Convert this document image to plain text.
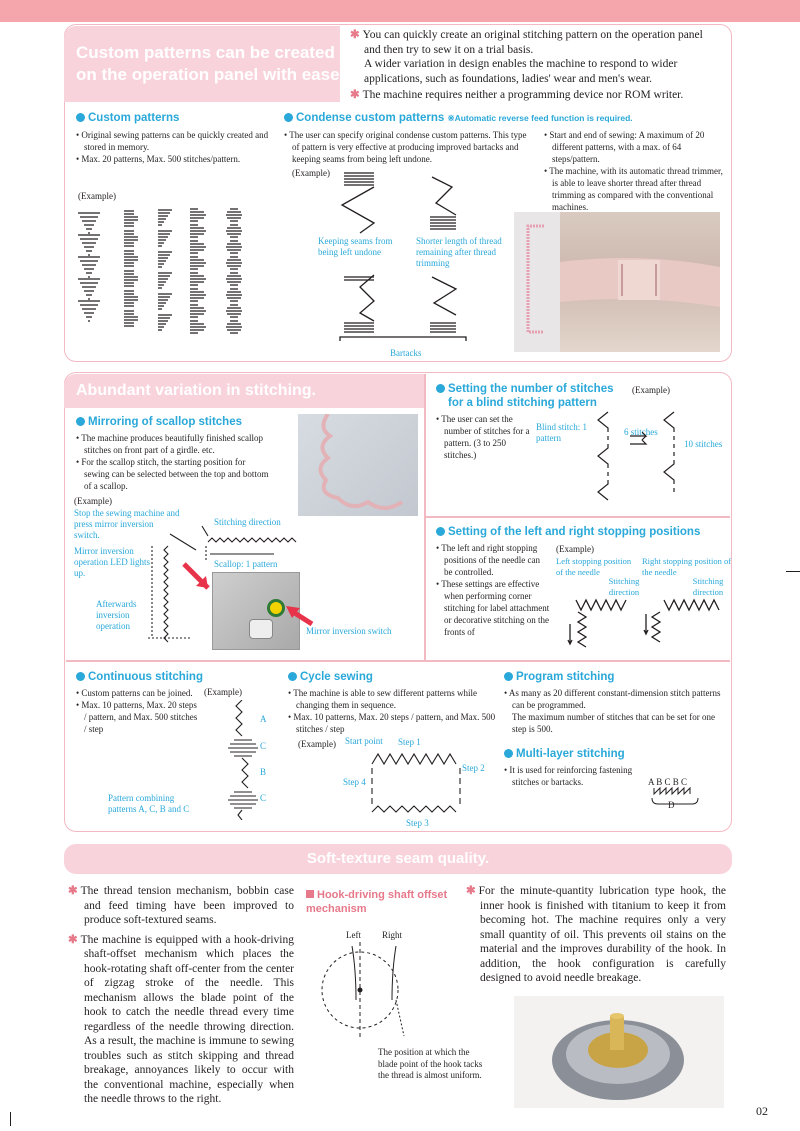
Custom patterns can be created
on the operation panel with ease.

✱ You can quickly create an original stitching pattern on the operation panel and then try to sew it on a trial basis.

A wider variation in design enables the machine to respond to wider applications, such as foundations, ladies' wear and men's wear.

✱ The machine requires neither a programming device nor ROM writer.

Custom patterns

• Original sewing patterns can be quickly created and stored in memory.

• Max. 20 patterns, Max. 500 stitches/pattern.

(Example)
Condense custom patterns ※Automatic reverse feed function is required.

• The user can specify original condense custom patterns. This type of pattern is very effective at producing improved bartacks and keeping seams from being left undone.

• Start and end of sewing: A maximum of 20 different patterns, with a max. of 64 steps/pattern.

• The machine, with its automatic thread trimmer, is able to leave shorter thread after thread trimming as compared with the conventional machines.

(Example)
Keeping seams from being left undone
Shorter length of thread remaining after thread trimming
Bartacks
Abundant variation in stitching.
Mirroring of scallop stitches

• The machine produces beautifully finished scallop stitches on front part of a girdle. etc.

• For the scallop stitch, the starting position for sewing can be selected between the top and bottom of a scallop.

(Example)
Stop the sewing machine and press mirror inversion switch.
Stitching direction
Mirror inversion operation LED lights up.
Scallop: 1 pattern
Afterwards inversion operation	Mirror inversion switch
Setting the number of stitches
for a blind stitching pattern
(Example)

• The user can set the number of stitches for a pattern. (3 to 250 stitches.)

Blind stitch: 1 pattern
6 stitches
10 stitches
Setting of the left and right stopping positions

• The left and right stopping positions of the needle can be controlled.

• These settings are effective when performing corner stitching for label attachment or decorative stitching on the fronts of

(Example)
Left stopping position of the needle
Right stopping position of the needle
Stitching direction
Stitching direction
Continuous stitching

• Custom patterns can be joined.

• Max. 10 patterns, Max. 20 steps / pattern, and Max. 500 stitches / step

(Example)
A
C
B
C
Pattern combining patterns A, C, B and C
Cycle sewing

• The machine is able to sew different patterns while changing them in sequence.

• Max. 10 patterns, Max. 20 steps / pattern, and Max. 500 stitches / step

(Example) Start point Step 1
Step 2
Step 3
Step 4
Program stitching

• As many as 20 different constant-dimension stitch patterns can be programmed.

The maximum number of stitches that can be set for one step is 500.

Multi-layer stitching

• It is used for reinforcing fastening stitches or bartacks.	A B C B C
D
Soft-texture seam quality.

✱ The thread tension mechanism, bobbin case and feed timing have been improved to produce soft-textured seams.

✱ The machine is equipped with a hook-driving shaft-offset mechanism which places the hook-rotating shaft off-center from the center of zigzag stroke of the needle. This mechanism allows the blade point of the hook to catch the needle thread every time regardless of the needle throwing direction. As a result, the machine is immune to sewing troubles such as stitch skipping and thread breakage, annoyances likely to occur with the conventional machine, especially when the needle throws to the right.

Hook-driving shaft offset mechanism
Left Right
The position at which the blade point of the hook tacks the thread is almost uniform.

✱ For the minute-quantity lubrication type hook, the inner hook is finished with titanium to keep it from becoming hot. The machine requires only a very small quantity of oil. This prevents oil stains on the material and the improves durability of the hook. In addition, the hook configuration is carefully designed to avoid needle breakage.

02
